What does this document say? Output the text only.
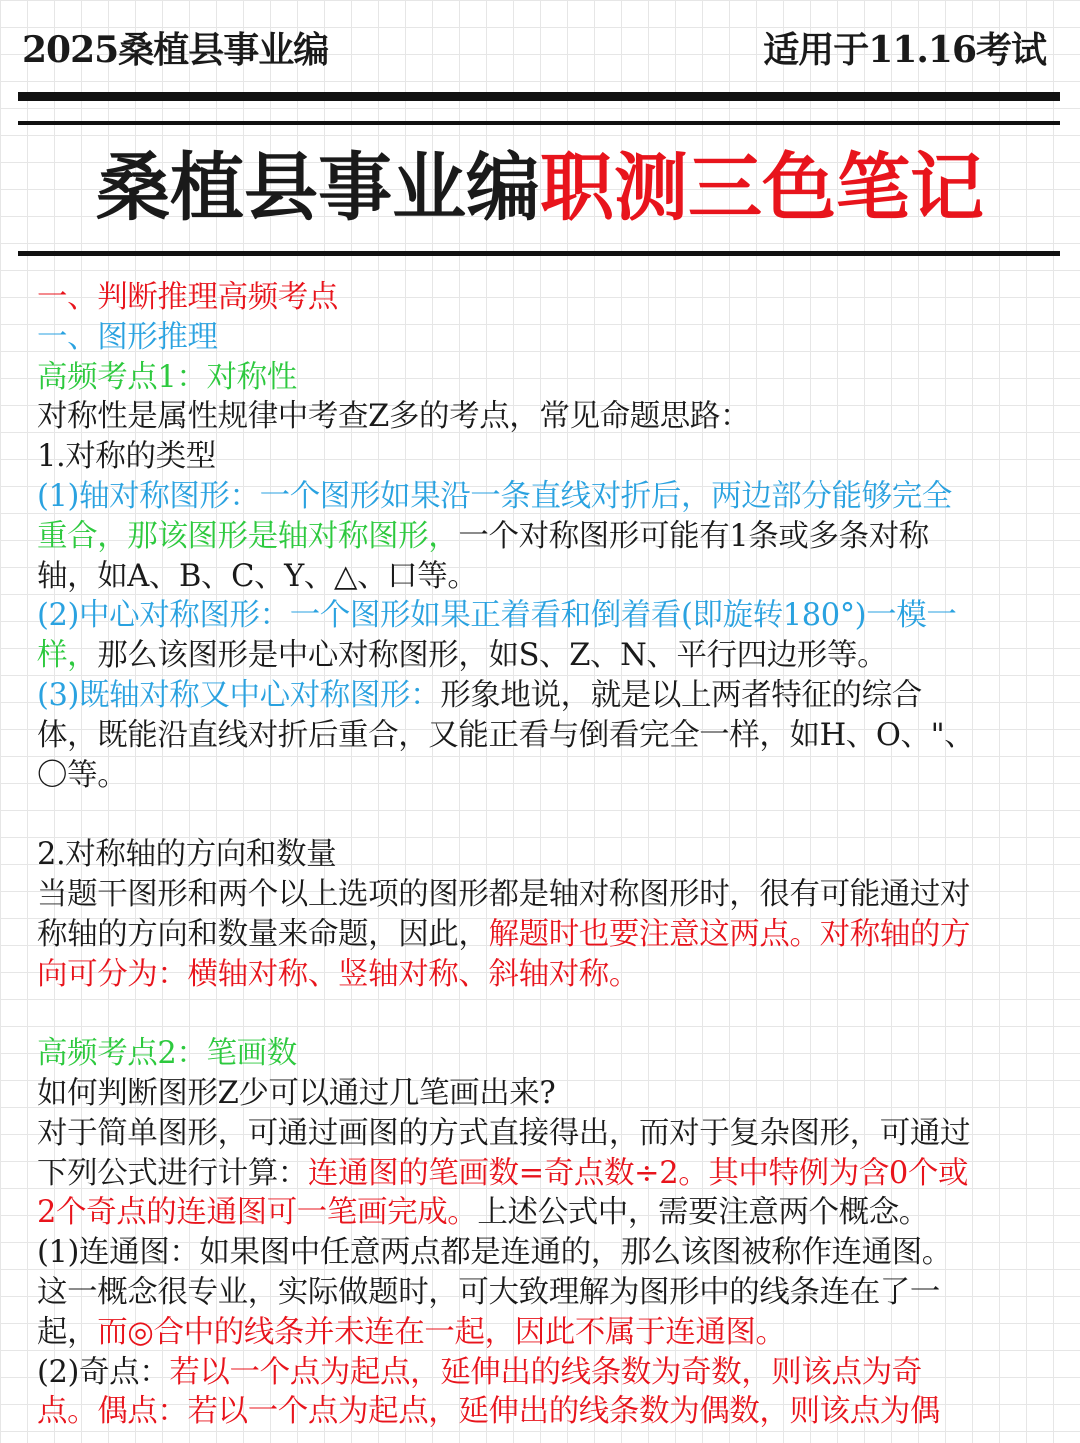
2025桑植县事业编	适用于11.16考试
桑植县事业编职测三色笔记

一、判断推理高频考点

一、图形推理

高频考点1：对称性

对称性是属性规律中考查Z多的考点，常见命题思路：

1.对称的类型

(1)轴对称图形：一个图形如果沿一条直线对折后，两边部分能够完全

重合，那该图形是轴对称图形，一个对称图形可能有1条或多条对称

轴，如A、B、C、Y、△、口等。

(2)中心对称图形：一个图形如果正着看和倒着看(即旋转180°)一模一

样，那么该图形是中心对称图形，如S、Z、N、平行四边形等。

(3)既轴对称又中心对称图形：形象地说，就是以上两者特征的综合

体，既能沿直线对折后重合，又能正看与倒看完全一样，如H、O、"、

〇等。

2.对称轴的方向和数量

当题干图形和两个以上选项的图形都是轴对称图形时，很有可能通过对

称轴的方向和数量来命题，因此，解题时也要注意这两点。对称轴的方

向可分为：横轴对称、竖轴对称、斜轴对称。

高频考点2：笔画数

如何判断图形Z少可以通过几笔画出来?

对于简单图形，可通过画图的方式直接得出，而对于复杂图形，可通过

下列公式进行计算：连通图的笔画数=奇点数÷2。其中特例为含0个或

2个奇点的连通图可一笔画完成。上述公式中，需要注意两个概念。

(1)连通图：如果图中任意两点都是连通的，那么该图被称作连通图。

这一概念很专业，实际做题时，可大致理解为图形中的线条连在了一

起，而◎合中的线条并未连在一起，因此不属于连通图。

(2)奇点：若以一个点为起点，延伸出的线条数为奇数，则该点为奇

点。偶点：若以一个点为起点，延伸出的线条数为偶数，则该点为偶
